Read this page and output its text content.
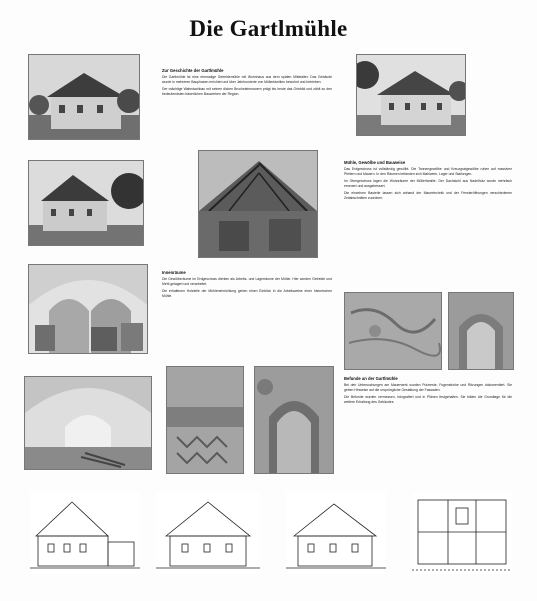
Die Gartlmühle
Zur Geschichte der Gartlmühle

Die Gartlmühle ist eine ehemalige Getreidemühle mit Wohnhaus aus dem späten Mittelalter. Das Gebäude wurde in mehreren Bauphasen errichtet und über Jahrhunderte von Müllerfamilien bewohnt und betrieben.

Der mächtige Walmdachbau mit seinen dicken Bruchsteinmauern prägt bis heute das Ortsbild und zählt zu den bedeutendsten bäuerlichen Bauwerken der Region.

Mühle, Gewölbe und Bauweise

Das Erdgeschoss ist vollständig gewölbt. Die Tonnengewölbe und Kreuzgratgewölbe ruhen auf massiven Pfeilern und Mauern. In den Räumen befanden sich Mahlwerk, Lager und Stallungen.

Im Obergeschoss lagen die Wohnräume der Müllerfamilie. Der Dachstuhl aus Nadelholz wurde mehrfach erneuert und ausgebessert.

Die einzelnen Bauteile lassen sich anhand der Mauertechnik und der Fensteröffnungen verschiedenen Zeitabschnitten zuordnen.

Innenräume

Die Gewölberäume im Erdgeschoss dienten als Arbeits- und Lagerräume der Mühle. Hier wurden Getreide und Mehl gelagert und verarbeitet.

Die erhaltenen Holzteile der Mühleneinrichtung geben einen Einblick in die Arbeitsweise einer historischen Mühle.

Befunde an der Gartlmühle

Bei den Untersuchungen am Mauerwerk wurden Putzreste, Fugenstriche und Ritzungen dokumentiert. Sie geben Hinweise auf die ursprüngliche Gestaltung der Fassaden.

Die Befunde wurden vermessen, fotografiert und in Plänen festgehalten. Sie bilden die Grundlage für die weitere Erhaltung des Gebäudes.
